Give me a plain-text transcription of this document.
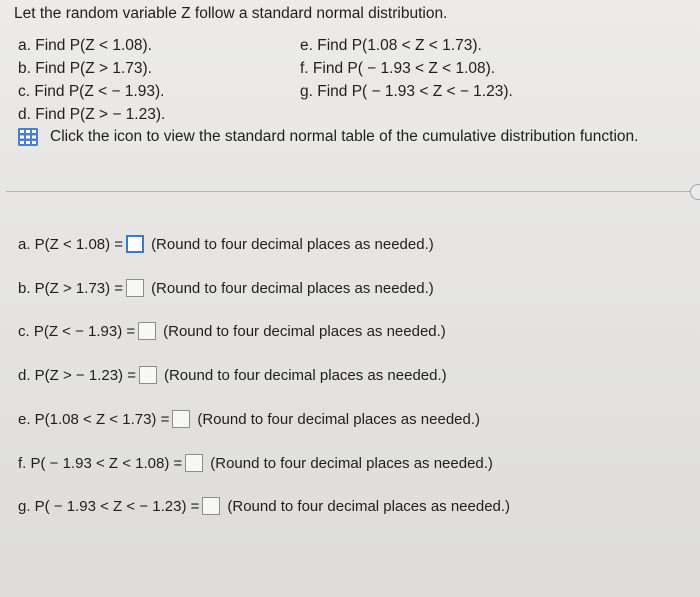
Let the random variable Z follow a standard normal distribution.
a. Find P(Z < 1.08).
b. Find P(Z > 1.73).
c. Find P(Z < − 1.93).
d. Find P(Z > − 1.23).
e. Find P(1.08 < Z < 1.73).
f. Find P( − 1.93 < Z < 1.08).
g. Find P( − 1.93 < Z < − 1.23).
Click the icon to view the standard normal table of the cumulative distribution function.
a. P(Z < 1.08) = (Round to four decimal places as needed.)
b. P(Z > 1.73) = (Round to four decimal places as needed.)
c. P(Z < − 1.93) = (Round to four decimal places as needed.)
d. P(Z > − 1.23) = (Round to four decimal places as needed.)
e. P(1.08 < Z < 1.73) = (Round to four decimal places as needed.)
f. P( − 1.93 < Z < 1.08) = (Round to four decimal places as needed.)
g. P( − 1.93 < Z < − 1.23) = (Round to four decimal places as needed.)
